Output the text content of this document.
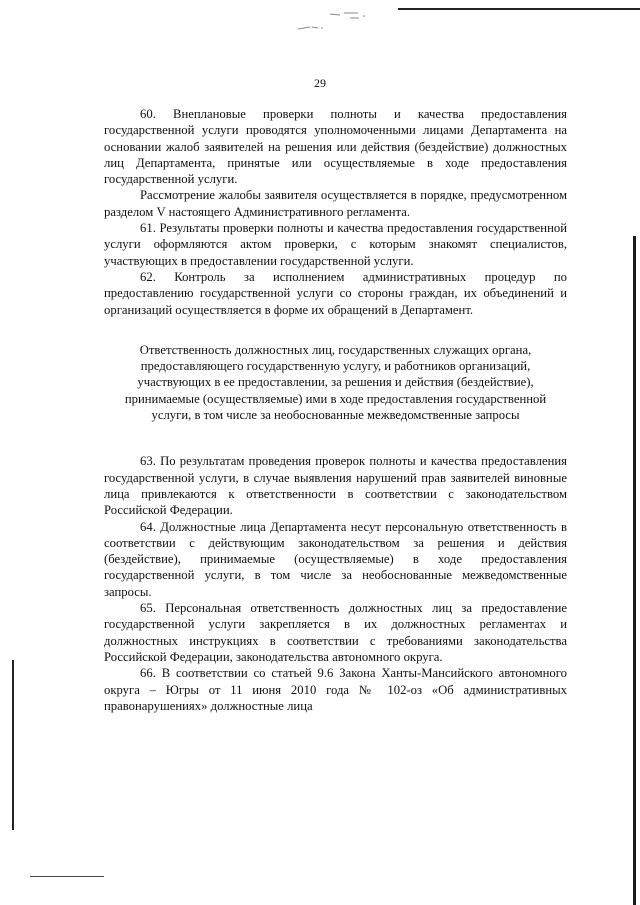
29

60. Внеплановые проверки полноты и качества предоставления государственной услуги проводятся уполномоченными лицами Департамента на основании жалоб заявителей на решения или действия (бездействие) должностных лиц Департамента, принятые или осуществляемые в ходе предоставления государственной услуги.

Рассмотрение жалобы заявителя осуществляется в порядке, предусмотренном разделом V настоящего Административного регламента.

61. Результаты проверки полноты и качества предоставления государственной услуги оформляются актом проверки, с которым знакомят специалистов, участвующих в предоставлении государственной услуги.

62. Контроль за исполнением административных процедур по предоставлению государственной услуги со стороны граждан, их объединений и организаций осуществляется в форме их обращений в Департамент.

Ответственность должностных лиц, государственных служащих органа, предоставляющего государственную услугу, и работников организаций, участвующих в ее предоставлении, за решения и действия (бездействие), принимаемые (осуществляемые) ими в ходе предоставления государственной услуги, в том числе за необоснованные межведомственные запросы

63. По результатам проведения проверок полноты и качества предоставления государственной услуги, в случае выявления нарушений прав заявителей виновные лица привлекаются к ответственности в соответствии с законодательством Российской Федерации.

64. Должностные лица Департамента несут персональную ответственность в соответствии с действующим законодательством за решения и действия (бездействие), принимаемые (осуществляемые) в ходе предоставления государственной услуги, в том числе за необоснованные межведомственные запросы.

65. Персональная ответственность должностных лиц за предоставление государственной услуги закрепляется в их должностных регламентах и должностных инструкциях в соответствии с требованиями законодательства Российской Федерации, законодательства автономного округа.

66. В соответствии со статьей 9.6 Закона Ханты-Мансийского автономного округа – Югры от 11 июня 2010 года № 102-оз «Об административных правонарушениях» должностные лица
